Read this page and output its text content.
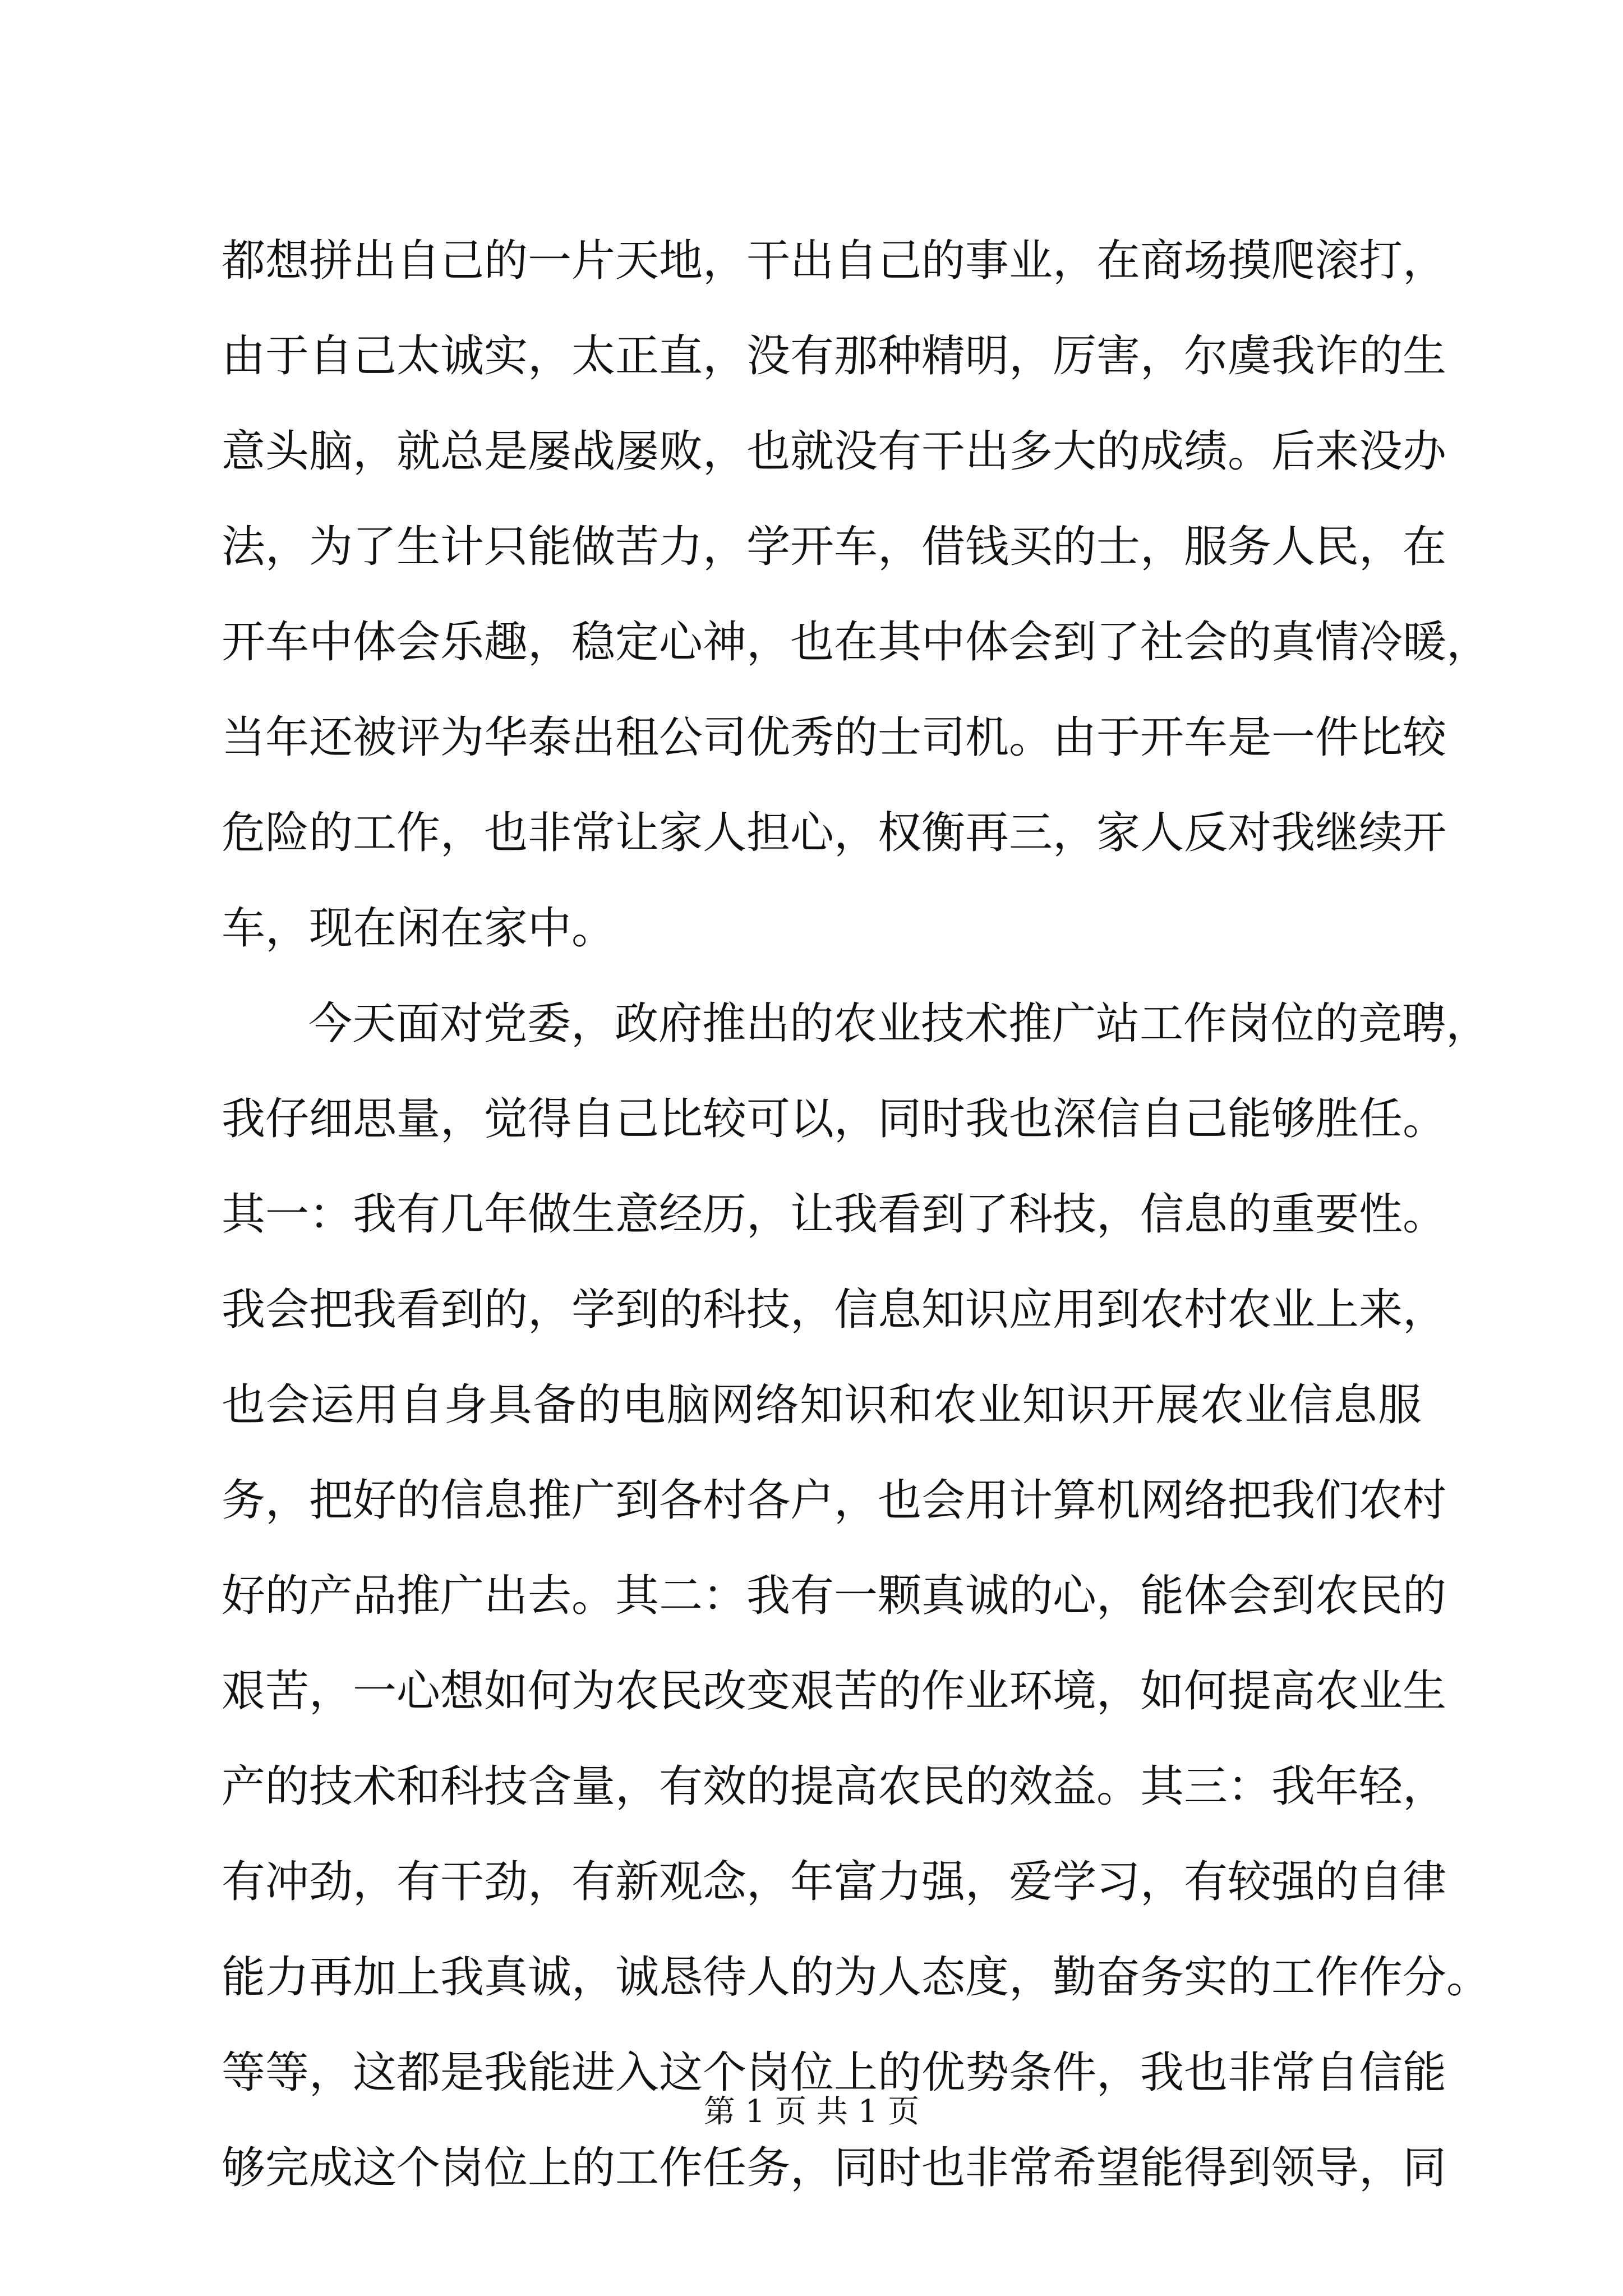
都想拼出自己的一片天地，干出自己的事业，在商场摸爬滚打，
由于自己太诚实，太正直，没有那种精明，厉害，尔虞我诈的生
意头脑，就总是屡战屡败，也就没有干出多大的成绩。后来没办
法，为了生计只能做苦力，学开车，借钱买的士，服务人民，在
开车中体会乐趣，稳定心神，也在其中体会到了社会的真情冷暖，
当年还被评为华泰出租公司优秀的士司机。由于开车是一件比较
危险的工作，也非常让家人担心，权衡再三，家人反对我继续开
车，现在闲在家中。
今天面对党委，政府推出的农业技术推广站工作岗位的竞聘，
我仔细思量，觉得自己比较可以，同时我也深信自己能够胜任。
其一：我有几年做生意经历，让我看到了科技，信息的重要性。
我会把我看到的，学到的科技，信息知识应用到农村农业上来，
也会运用自身具备的电脑网络知识和农业知识开展农业信息服
务，把好的信息推广到各村各户，也会用计算机网络把我们农村
好的产品推广出去。其二：我有一颗真诚的心，能体会到农民的
艰苦，一心想如何为农民改变艰苦的作业环境，如何提高农业生
产的技术和科技含量，有效的提高农民的效益。其三：我年轻，
有冲劲，有干劲，有新观念，年富力强，爱学习，有较强的自律
能力再加上我真诚，诚恳待人的为人态度，勤奋务实的工作作分。
等等，这都是我能进入这个岗位上的优势条件，我也非常自信能
够完成这个岗位上的工作任务，同时也非常希望能得到领导，同
第 1 页 共 1 页
